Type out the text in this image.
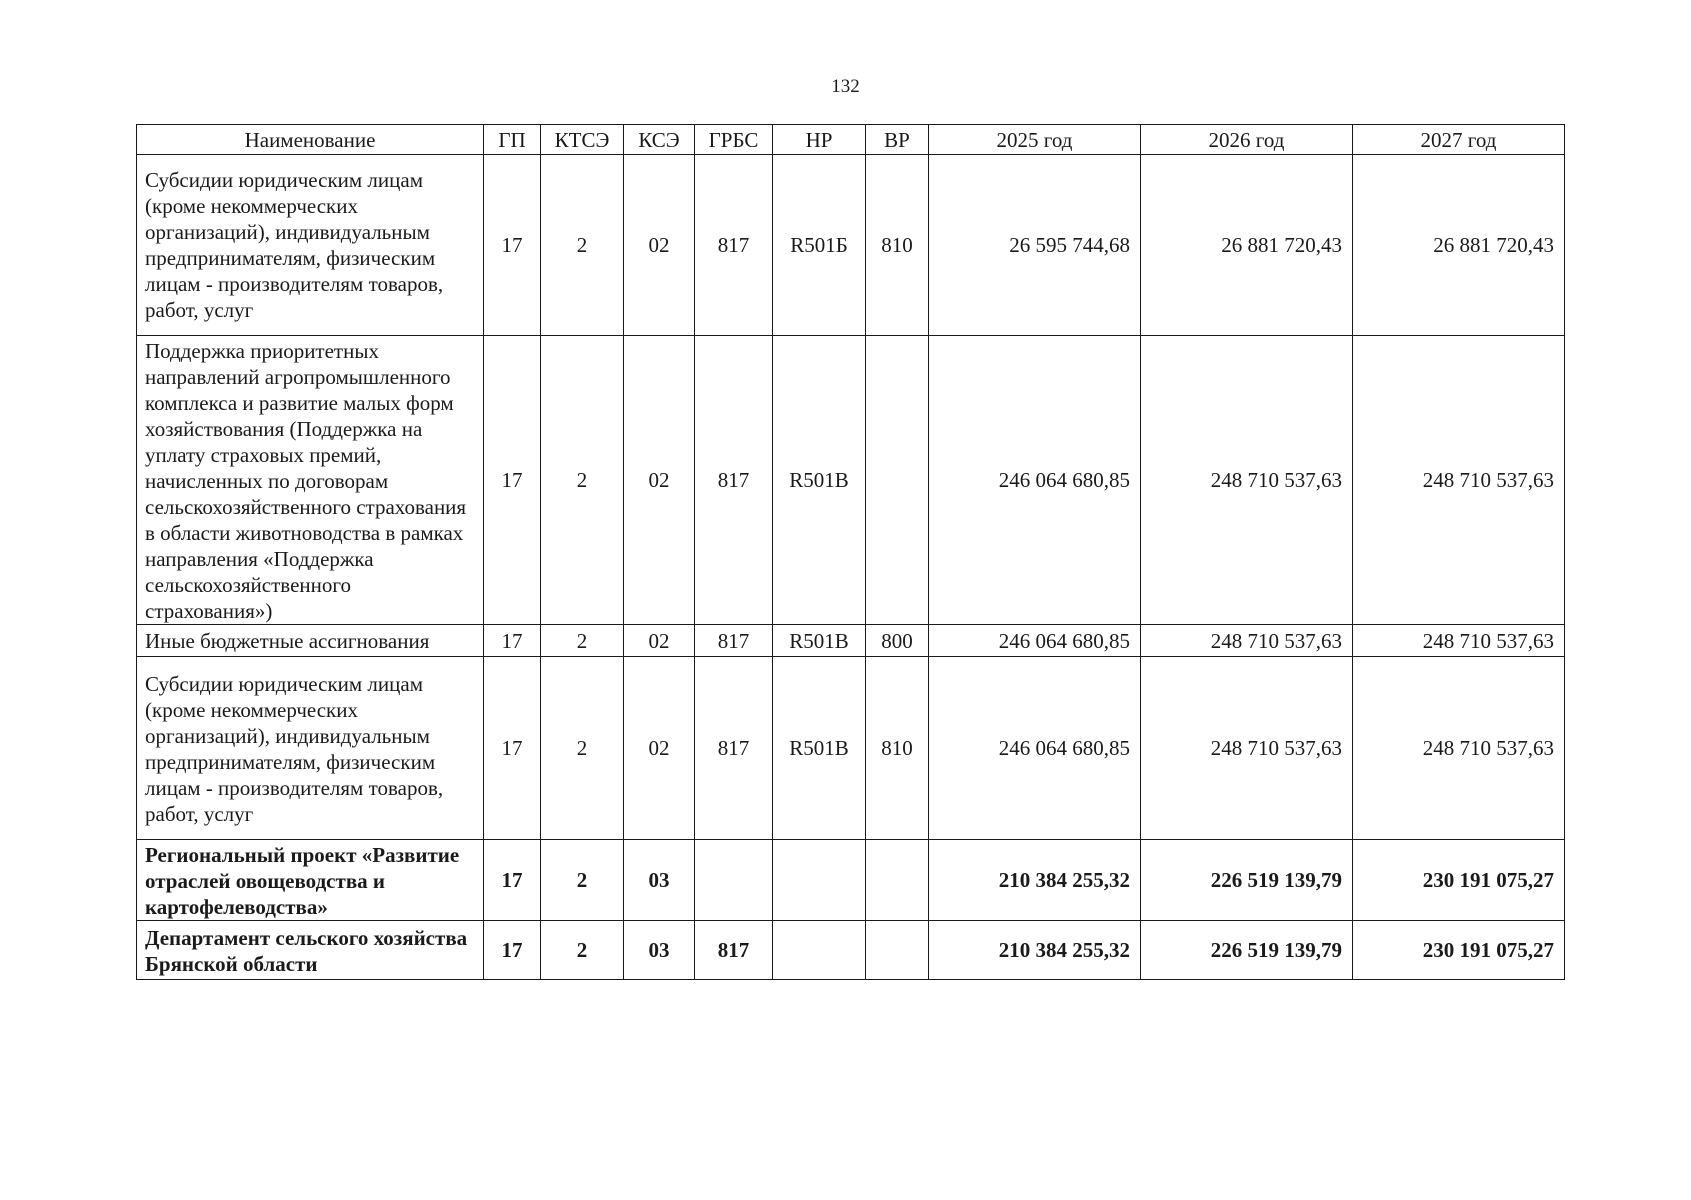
132
Наименование	ГП	КТСЭ	КСЭ	ГРБС	НР	ВР	2025 год	2026 год	2027 год
Субсидии юридическим лицам (кроме некоммерческих организаций), индивидуальным предпринимателям, физическим лицам - производителям товаров, работ, услуг	17	2	02	817	R501Б	810	26 595 744,68	26 881 720,43	26 881 720,43
Поддержка приоритетных направлений агропромышленного комплекса и развитие малых форм хозяйствования (Поддержка на уплату страховых премий, начисленных по договорам сельскохозяйственного страхования в области животноводства в рамках направления «Поддержка сельскохозяйственного страхования»)	17	2	02	817	R501В		246 064 680,85	248 710 537,63	248 710 537,63
Иные бюджетные ассигнования	17	2	02	817	R501В	800	246 064 680,85	248 710 537,63	248 710 537,63
Субсидии юридическим лицам (кроме некоммерческих организаций), индивидуальным предпринимателям, физическим лицам - производителям товаров, работ, услуг	17	2	02	817	R501В	810	246 064 680,85	248 710 537,63	248 710 537,63
Региональный проект «Развитие отраслей овощеводства и картофелеводства»	17	2	03				210 384 255,32	226 519 139,79	230 191 075,27
Департамент сельского хозяйства Брянской области	17	2	03	817			210 384 255,32	226 519 139,79	230 191 075,27
